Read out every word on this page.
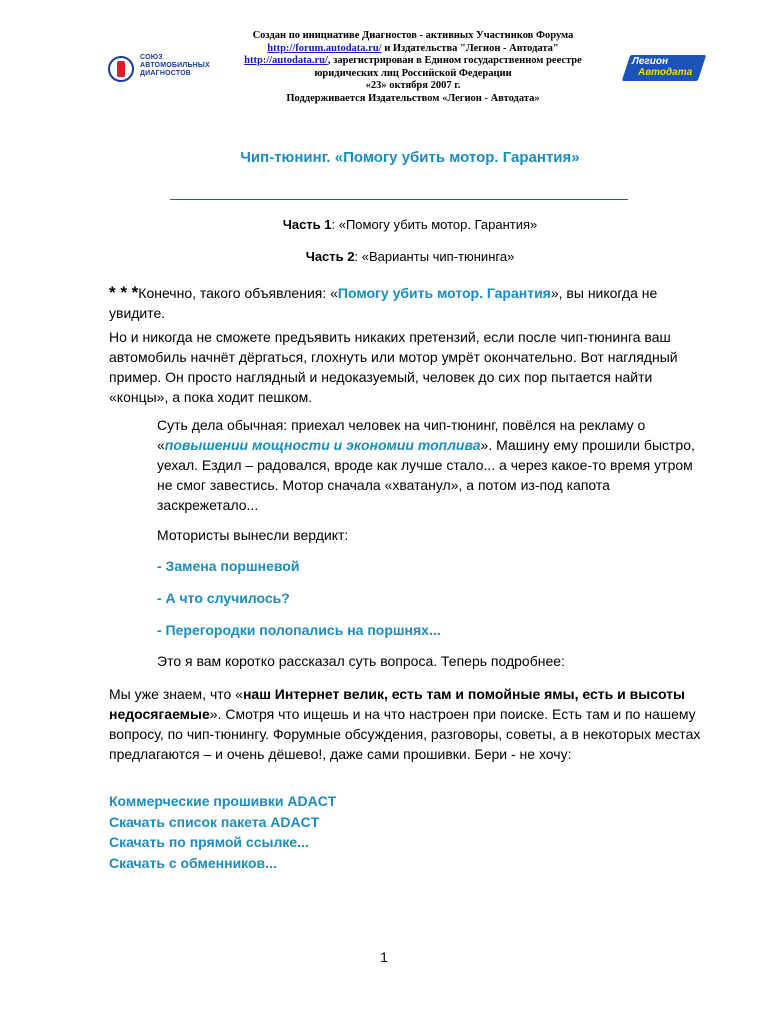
СОЮЗ
АВТОМОБИЛЬНЫХ
ДИАГНОСТОВ
Создан по инициативе Диагностов - активных Участников Форума
http://forum.autodata.ru/ и Издательства "Легион - Автодата"
http://autodata.ru/, зарегистрирован в Едином государственном реестре
юридических лиц Российской Федерации
«23» октября 2007 г.
Поддерживается Издательством «Легион - Автодата»
Легион
Автодата
Чип-тюнинг. «Помогу убить мотор. Гарантия»
Часть 1: «Помогу убить мотор. Гарантия»
Часть 2: «Варианты чип-тюнинга»
* * *Конечно, такого объявления: «Помогу убить мотор. Гарантия», вы никогда не увидите.
Но и никогда не сможете предъявить никаких претензий, если после чип-тюнинга ваш автомобиль начнёт дёргаться, глохнуть или мотор умрёт окончательно. Вот наглядный пример. Он просто наглядный и недоказуемый, человек до сих пор пытается найти «концы», а пока ходит пешком.
Суть дела обычная: приехал человек на чип-тюнинг, повёлся на рекламу о «повышении мощности и экономии топлива». Машину ему прошили быстро, уехал. Ездил – радовался, вроде как лучше стало... а через какое-то время утром не смог завестись. Мотор сначала «хватанул», а потом из-под капота заскрежетало...
Мотористы вынесли вердикт:
- Замена поршневой
- А что случилось?
- Перегородки полопались на поршнях...
Это я вам коротко рассказал суть вопроса. Теперь подробнее:
Мы уже знаем, что «наш Интернет велик, есть там и помойные ямы, есть и высоты недосягаемые». Смотря что ищешь и на что настроен при поиске. Есть там и по нашему вопросу, по чип-тюнингу. Форумные обсуждения, разговоры, советы, а в некоторых местах предлагаются – и очень дёшево!, даже сами прошивки. Бери - не хочу:
Коммерческие прошивки ADACT
Скачать список пакета ADACT
Скачать по прямой ссылке...
Скачать с обменников...
1
